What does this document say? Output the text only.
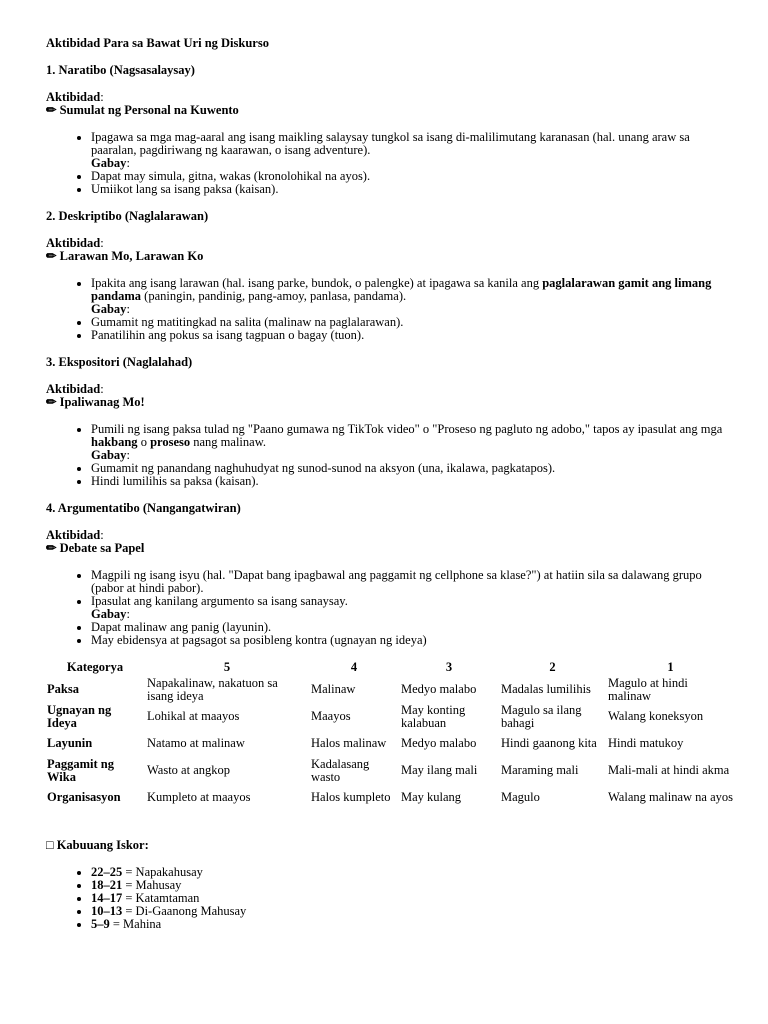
Aktibidad Para sa Bawat Uri ng Diskurso

1. Naratibo (Nagsasalaysay)

Aktibidad:

✏ Sumulat ng Personal na Kuwento

• Ipagawa sa mga mag-aaral ang isang maikling salaysay tungkol sa isang di-malilimutang karanasan (hal. unang araw sa paaralan, pagdiriwang ng kaarawan, o isang adventure).
Gabay:
• Dapat may simula, gitna, wakas (kronolohikal na ayos).
• Umiikot lang sa isang paksa (kaisan).

2. Deskriptibo (Naglalarawan)

Aktibidad:

✏ Larawan Mo, Larawan Ko

• Ipakita ang isang larawan (hal. isang parke, bundok, o palengke) at ipagawa sa kanila ang paglalarawan gamit ang limang pandama (paningin, pandinig, pang-amoy, panlasa, pandama).
Gabay:
• Gumamit ng matitingkad na salita (malinaw na paglalarawan).
• Panatilihin ang pokus sa isang tagpuan o bagay (tuon).

3. Ekspositori (Naglalahad)

Aktibidad:

✏ Ipaliwanag Mo!

• Pumili ng isang paksa tulad ng "Paano gumawa ng TikTok video" o "Proseso ng pagluto ng adobo," tapos ay ipasulat ang mga hakbang o proseso nang malinaw.
Gabay:
• Gumamit ng panandang naghuhudyat ng sunod-sunod na aksyon (una, ikalawa, pagkatapos).
• Hindi lumilihis sa paksa (kaisan).

4. Argumentatibo (Nangangatwiran)

Aktibidad:

✏ Debate sa Papel

• Magpili ng isang isyu (hal. "Dapat bang ipagbawal ang paggamit ng cellphone sa klase?") at hatiin sila sa dalawang grupo (pabor at hindi pabor).
• Ipasulat ang kanilang argumento sa isang sanaysay.
Gabay:
• Dapat malinaw ang panig (layunin).
• May ebidensya at pagsagot sa posibleng kontra (ugnayan ng ideya)
Kategorya	5	4	3	2	1
Paksa	Napakalinaw, nakatuon sa isang ideya	Malinaw	Medyo malabo	Madalas lumilihis	Magulo at hindi malinaw
Ugnayan ng Ideya	Lohikal at maayos	Maayos	May konting kalabuan	Magulo sa ilang bahagi	Walang koneksyon
Layunin	Natamo at malinaw	Halos malinaw	Medyo malabo	Hindi gaanong kita	Hindi matukoy
Paggamit ng Wika	Wasto at angkop	Kadalasang wasto	May ilang mali	Maraming mali	Mali-mali at hindi akma
Organisasyon	Kumpleto at maayos	Halos kumpleto	May kulang	Magulo	Walang malinaw na ayos

□ Kabuuang Iskor:

• 22–25 = Napakahusay
• 18–21 = Mahusay
• 14–17 = Katamtaman
• 10–13 = Di-Gaanong Mahusay
• 5–9 = Mahina
